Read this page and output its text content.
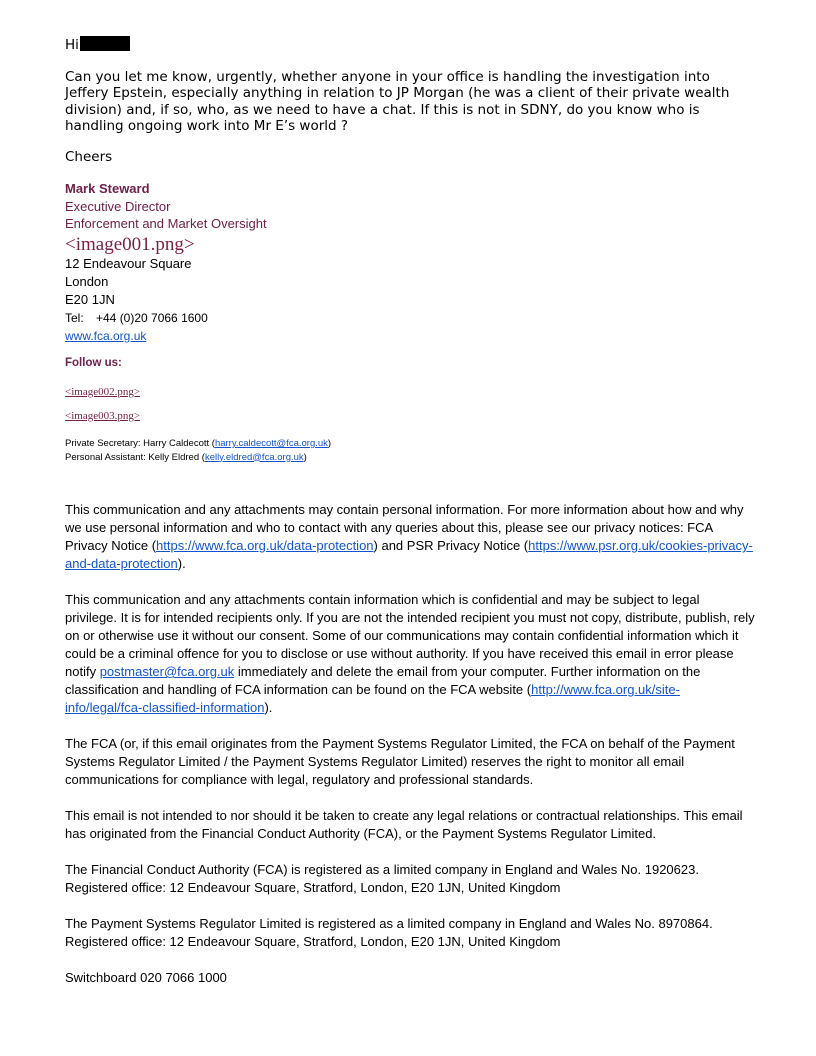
Hi
Can you let me know, urgently, whether anyone in your office is handling the investigation into Jeffery Epstein, especially anything in relation to JP Morgan (he was a client of their private wealth division) and, if so, who, as we need to have a chat. If this is not in SDNY, do you know who is handling ongoing work into Mr E’s world ?
Cheers
Mark Steward
Executive Director
Enforcement and Market Oversight
<image001.png>
12 Endeavour Square
London
E20 1JN
Tel: +44 (0)20 7066 1600
www.fca.org.uk
Follow us:
<image002.png>
<image003.png>
Private Secretary: Harry Caldecott (harry.caldecott@fca.org.uk)
Personal Assistant: Kelly Eldred (kelly.eldred@fca.org.uk)
This communication and any attachments may contain personal information. For more information about how and why we use personal information and who to contact with any queries about this, please see our privacy notices: FCA Privacy Notice (https://www.fca.org.uk/data-protection) and PSR Privacy Notice (https://www.psr.org.uk/cookies-privacy-and-data-protection).
This communication and any attachments contain information which is confidential and may be subject to legal privilege. It is for intended recipients only. If you are not the intended recipient you must not copy, distribute, publish, rely on or otherwise use it without our consent. Some of our communications may contain confidential information which it could be a criminal offence for you to disclose or use without authority. If you have received this email in error please notify postmaster@fca.org.uk immediately and delete the email from your computer. Further information on the classification and handling of FCA information can be found on the FCA website (http://www.fca.org.uk/site-info/legal/fca-classified-information).
The FCA (or, if this email originates from the Payment Systems Regulator Limited, the FCA on behalf of the Payment Systems Regulator Limited / the Payment Systems Regulator Limited) reserves the right to monitor all email communications for compliance with legal, regulatory and professional standards.
This email is not intended to nor should it be taken to create any legal relations or contractual relationships. This email has originated from the Financial Conduct Authority (FCA), or the Payment Systems Regulator Limited.
The Financial Conduct Authority (FCA) is registered as a limited company in England and Wales No. 1920623.
Registered office: 12 Endeavour Square, Stratford, London, E20 1JN, United Kingdom
The Payment Systems Regulator Limited is registered as a limited company in England and Wales No. 8970864.
Registered office: 12 Endeavour Square, Stratford, London, E20 1JN, United Kingdom
Switchboard 020 7066 1000
